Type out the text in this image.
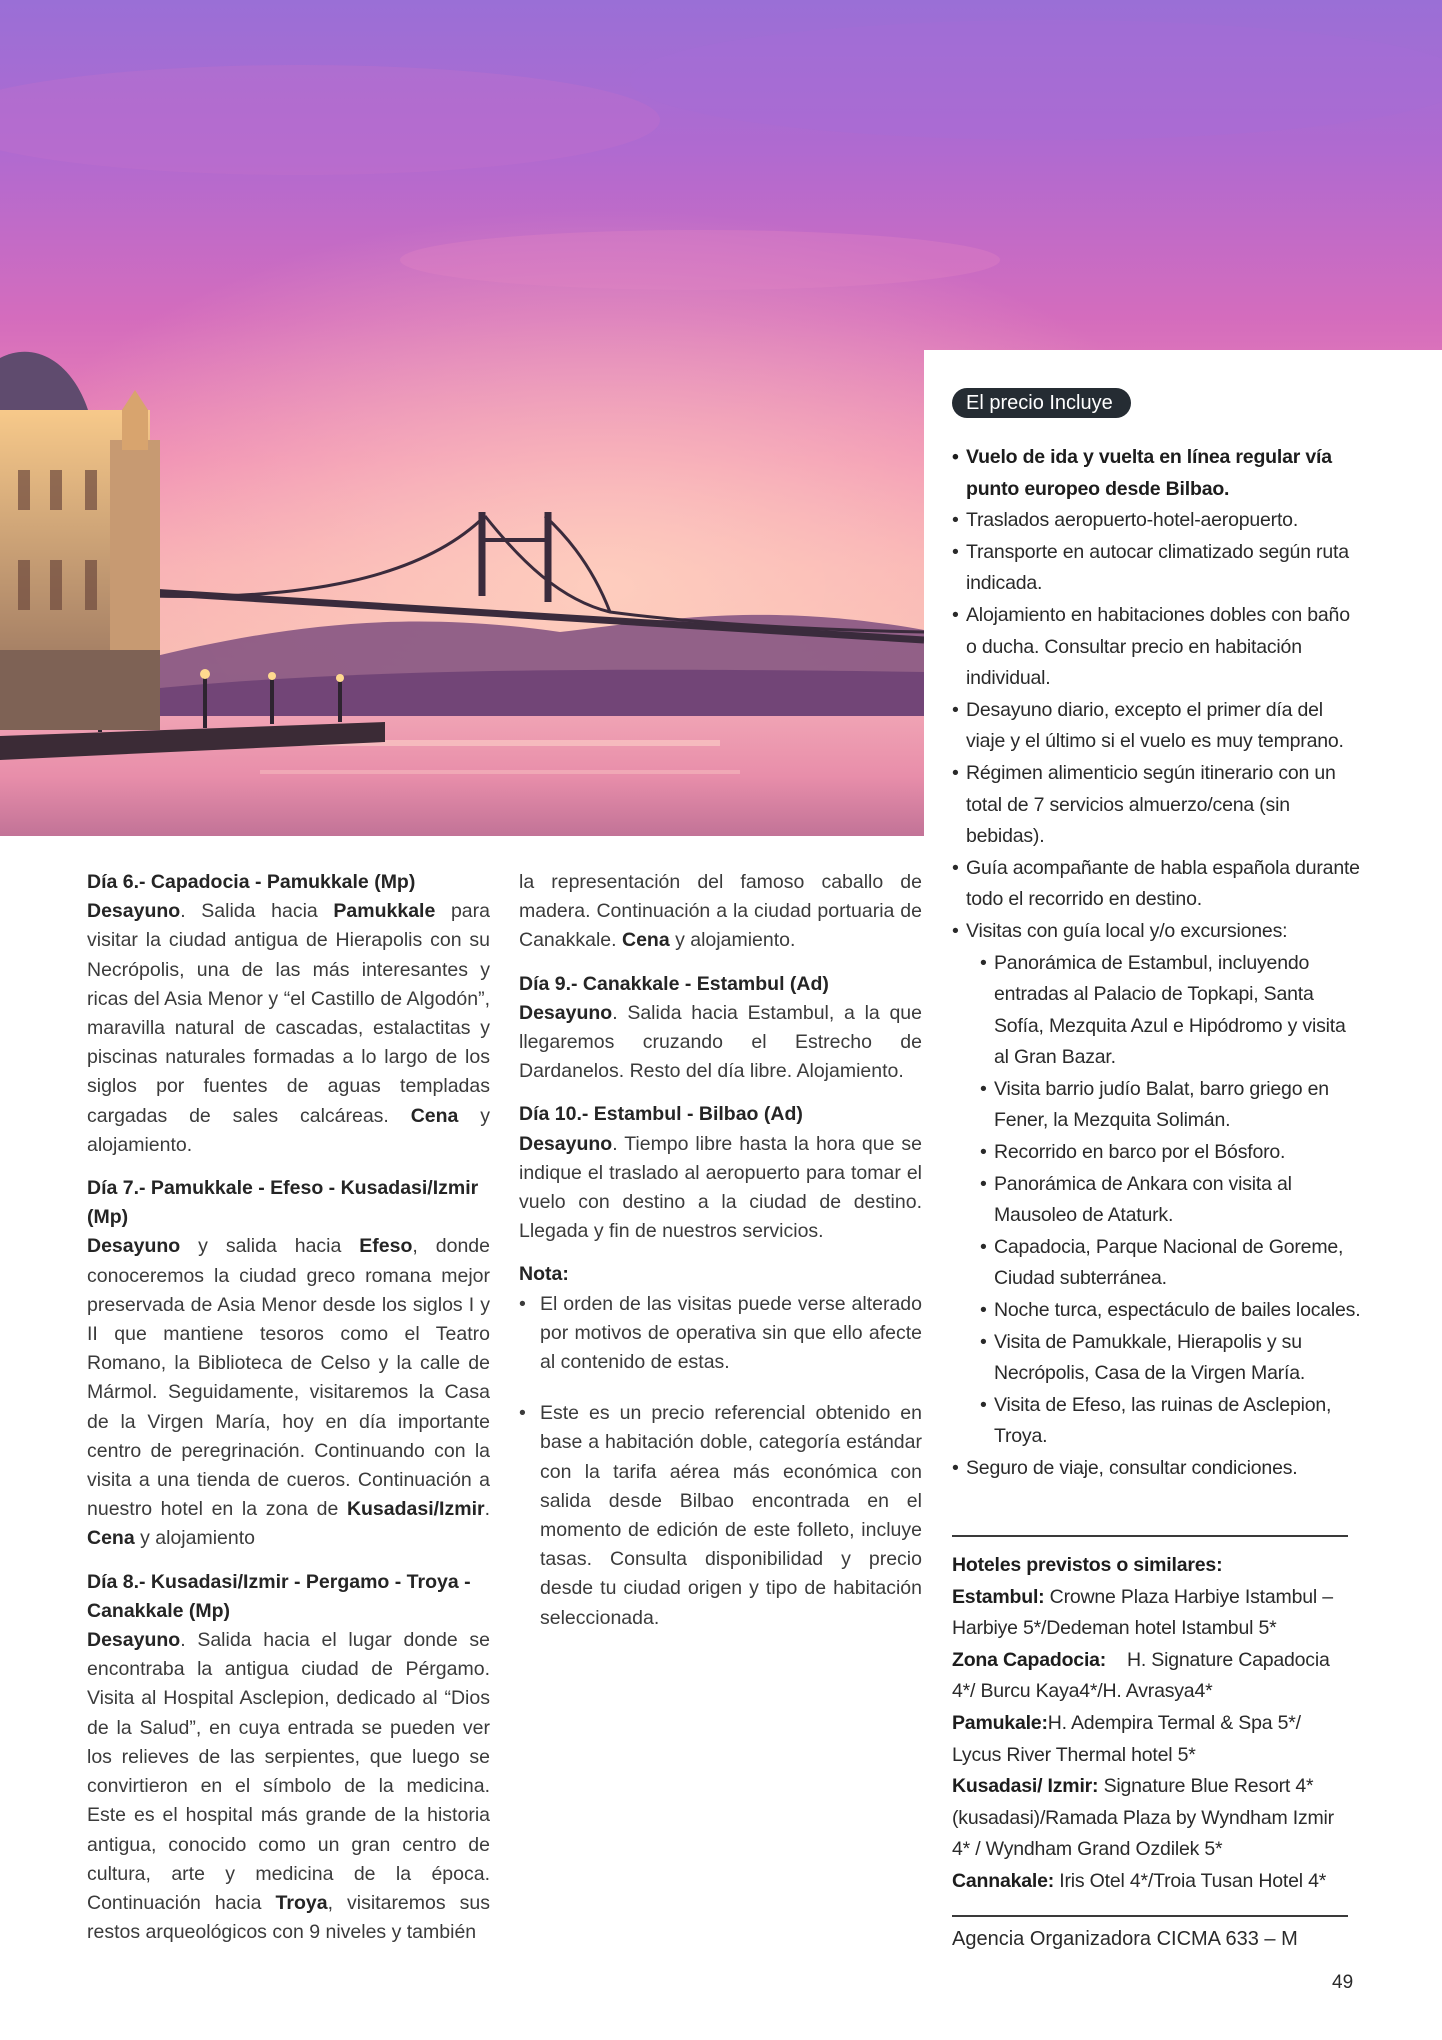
El precio Incluye
• Vuelo de ida y vuelta en línea regular vía punto europeo desde Bilbao.
• Traslados aeropuerto-hotel-aeropuerto.
• Transporte en autocar climatizado según ruta indicada.
• Alojamiento en habitaciones dobles con baño o ducha. Consultar precio en habitación individual.
• Desayuno diario, excepto el primer día del viaje y el último si el vuelo es muy temprano.
• Régimen alimenticio según itinerario con un total de 7 servicios almuerzo/cena (sin bebidas).
• Guía acompañante de habla española durante todo el recorrido en destino.
• Visitas con guía local y/o excursiones:
• Panorámica de Estambul, incluyendo entradas al Palacio de Topkapi, Santa Sofía, Mezquita Azul e Hipódromo y visita al Gran Bazar.
• Visita barrio judío Balat, barro griego en Fener, la Mezquita Solimán.
• Recorrido en barco por el Bósforo.
• Panorámica de Ankara con visita al Mausoleo de Ataturk.
• Capadocia, Parque Nacional de Goreme, Ciudad subterránea.
• Noche turca, espectáculo de bailes locales.
• Visita de Pamukkale, Hierapolis y su Necrópolis, Casa de la Virgen María.
• Visita de Efeso, las ruinas de Asclepion, Troya.
• Seguro de viaje, consultar condiciones.
Hoteles previstos o similares:
Estambul: Crowne Plaza Harbiye Istambul – Harbiye 5*/Dedeman hotel Istambul 5*
Zona Capadocia:    H. Signature Capadocia 4*/ Burcu Kaya4*/H. Avrasya4*
Pamukale:H. Adempira Termal & Spa 5*/ Lycus River Thermal hotel 5*
Kusadasi/ Izmir: Signature Blue Resort 4*(kusadasi)/Ramada Plaza by Wyndham Izmir 4* / Wyndham Grand Ozdilek 5*
Cannakale: Iris Otel 4*/Troia Tusan Hotel 4*
Agencia Organizadora CICMA 633 – M
49
Día 6.- Capadocia - Pamukkale (Mp)

Desayuno. Salida hacia Pamukkale para visitar la ciudad antigua de Hierapolis con su Necrópolis, una de las más interesantes y ricas del Asia Menor y “el Castillo de Algodón”, maravilla natural de cascadas, estalactitas y piscinas naturales formadas a lo largo de los siglos por fuentes de aguas templadas cargadas de sales calcáreas. Cena y alojamiento.

Día 7.- Pamukkale - Efeso - Kusadasi/Izmir (Mp)

Desayuno y salida hacia Efeso, donde conoceremos la ciudad greco romana mejor preservada de Asia Menor desde los siglos I y II que mantiene tesoros como el Teatro Romano, la Biblioteca de Celso y la calle de Mármol. Seguidamente, visitaremos la Casa de la Virgen María, hoy en día importante centro de peregrinación. Continuando con la visita a una tienda de cueros. Continuación a nuestro hotel en la zona de Kusadasi/Izmir. Cena y alojamiento

Día 8.- Kusadasi/Izmir - Pergamo - Troya - Canakkale (Mp)

Desayuno. Salida hacia el lugar donde se encontraba la antigua ciudad de Pérgamo. Visita al Hospital Asclepion, dedicado al “Dios de la Salud”, en cuya entrada se pueden ver los relieves de las serpientes, que luego se convirtieron en el símbolo de la medicina. Este es el hospital más grande de la historia antigua, conocido como un gran centro de cultura, arte y medicina de la época. Continuación hacia Troya, visitaremos sus restos arqueológicos con 9 niveles y también

la representación del famoso caballo de madera. Continuación a la ciudad portuaria de Canakkale. Cena y alojamiento.

Día 9.- Canakkale - Estambul (Ad)

Desayuno. Salida hacia Estambul, a la que llegaremos cruzando el Estrecho de Dardanelos. Resto del día libre. Alojamiento.

Día 10.- Estambul - Bilbao (Ad)

Desayuno. Tiempo libre hasta la hora que se indique el traslado al aeropuerto para tomar el vuelo con destino a la ciudad de destino. Llegada y fin de nuestros servicios.

Nota:
• El orden de las visitas puede verse alterado por motivos de operativa sin que ello afecte al contenido de estas.
• Este es un precio referencial obtenido en base a habitación doble, categoría estándar con la tarifa aérea más económica con salida desde Bilbao encontrada en el momento de edición de este folleto, incluye tasas. Consulta disponibilidad y precio desde tu ciudad origen y tipo de habitación seleccionada.
